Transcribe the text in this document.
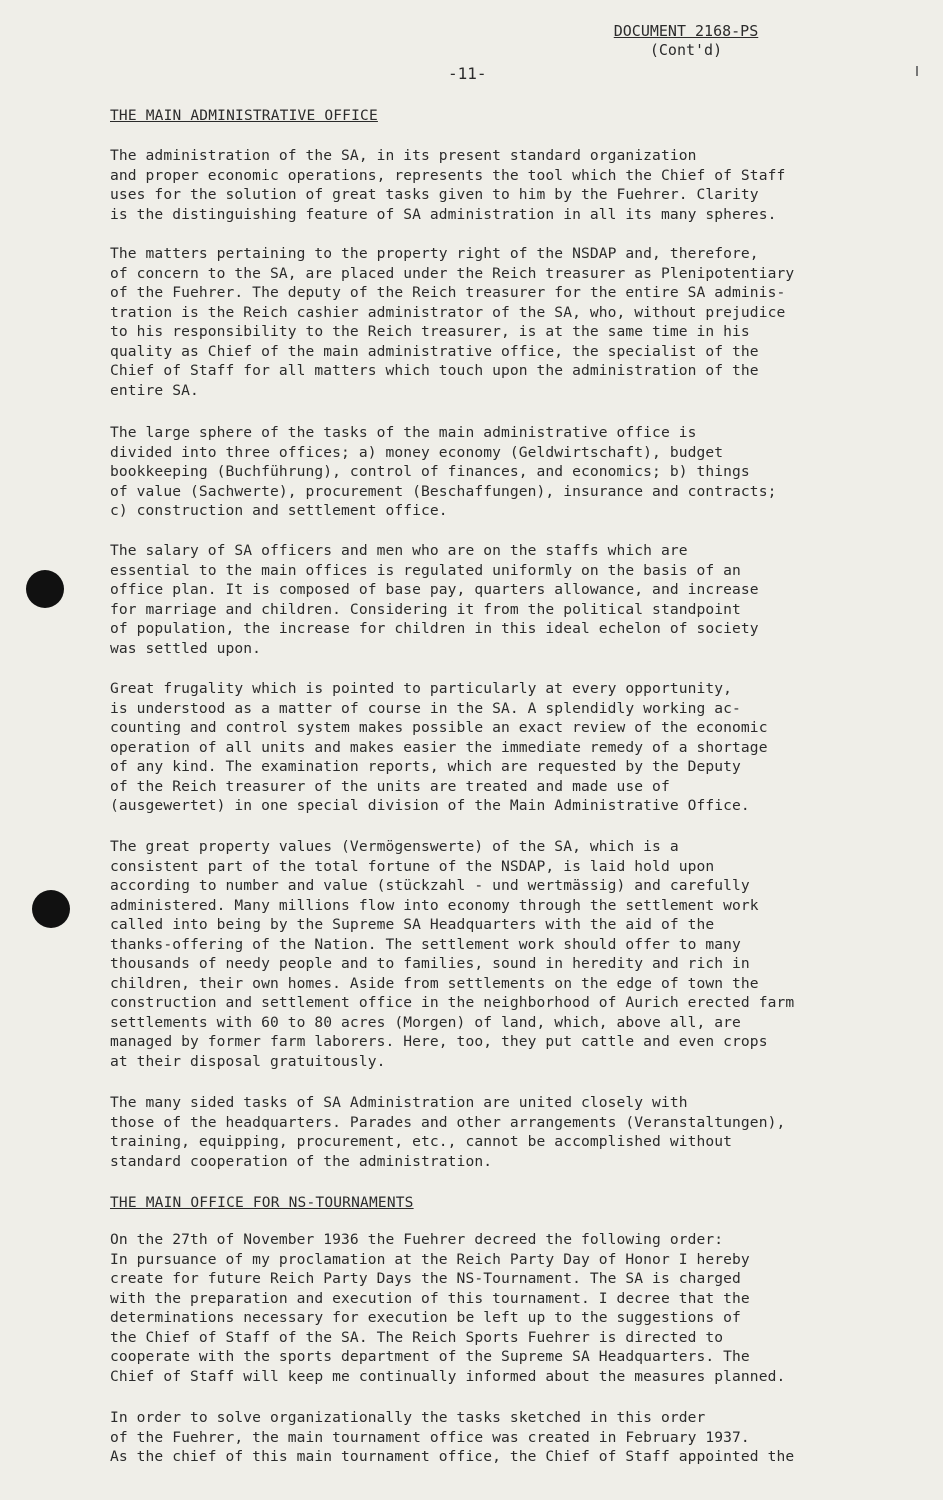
DOCUMENT 2168-PS
(Cont'd)
-11-
THE MAIN ADMINISTRATIVE OFFICE
The administration of the SA, in its present standard organization
and proper economic operations, represents the tool which the Chief of Staff
uses for the solution of great tasks given to him by the Fuehrer. Clarity
is the distinguishing feature of SA administration in all its many spheres.
The matters pertaining to the property right of the NSDAP and, therefore,
of concern to the SA, are placed under the Reich treasurer as Plenipotentiary
of the Fuehrer. The deputy of the Reich treasurer for the entire SA adminis-
tration is the Reich cashier administrator of the SA, who, without prejudice
to his responsibility to the Reich treasurer, is at the same time in his
quality as Chief of the main administrative office, the specialist of the
Chief of Staff for all matters which touch upon the administration of the
entire SA.
The large sphere of the tasks of the main administrative office is
divided into three offices; a) money economy (Geldwirtschaft), budget
bookkeeping (Buchführung), control of finances, and economics; b) things
of value (Sachwerte), procurement (Beschaffungen), insurance and contracts;
c) construction and settlement office.
The salary of SA officers and men who are on the staffs which are
essential to the main offices is regulated uniformly on the basis of an
office plan. It is composed of base pay, quarters allowance, and increase
for marriage and children. Considering it from the political standpoint
of population, the increase for children in this ideal echelon of society
was settled upon.
Great frugality which is pointed to particularly at every opportunity,
is understood as a matter of course in the SA. A splendidly working ac-
counting and control system makes possible an exact review of the economic
operation of all units and makes easier the immediate remedy of a shortage
of any kind. The examination reports, which are requested by the Deputy
of the Reich treasurer of the units are treated and made use of
(ausgewertet) in one special division of the Main Administrative Office.
The great property values (Vermögenswerte) of the SA, which is a
consistent part of the total fortune of the NSDAP, is laid hold upon
according to number and value (stückzahl - und wertmässig) and carefully
administered. Many millions flow into economy through the settlement work
called into being by the Supreme SA Headquarters with the aid of the
thanks-offering of the Nation. The settlement work should offer to many
thousands of needy people and to families, sound in heredity and rich in
children, their own homes. Aside from settlements on the edge of town the
construction and settlement office in the neighborhood of Aurich erected farm
settlements with 60 to 80 acres (Morgen) of land, which, above all, are
managed by former farm laborers. Here, too, they put cattle and even crops
at their disposal gratuitously.
The many sided tasks of SA Administration are united closely with
those of the headquarters. Parades and other arrangements (Veranstaltungen),
training, equipping, procurement, etc., cannot be accomplished without
standard cooperation of the administration.
THE MAIN OFFICE FOR NS-TOURNAMENTS
On the 27th of November 1936 the Fuehrer decreed the following order:
In pursuance of my proclamation at the Reich Party Day of Honor I hereby
create for future Reich Party Days the NS-Tournament. The SA is charged
with the preparation and execution of this tournament. I decree that the
determinations necessary for execution be left up to the suggestions of
the Chief of Staff of the SA. The Reich Sports Fuehrer is directed to
cooperate with the sports department of the Supreme SA Headquarters. The
Chief of Staff will keep me continually informed about the measures planned.
In order to solve organizationally the tasks sketched in this order
of the Fuehrer, the main tournament office was created in February 1937.
As the chief of this main tournament office, the Chief of Staff appointed the
